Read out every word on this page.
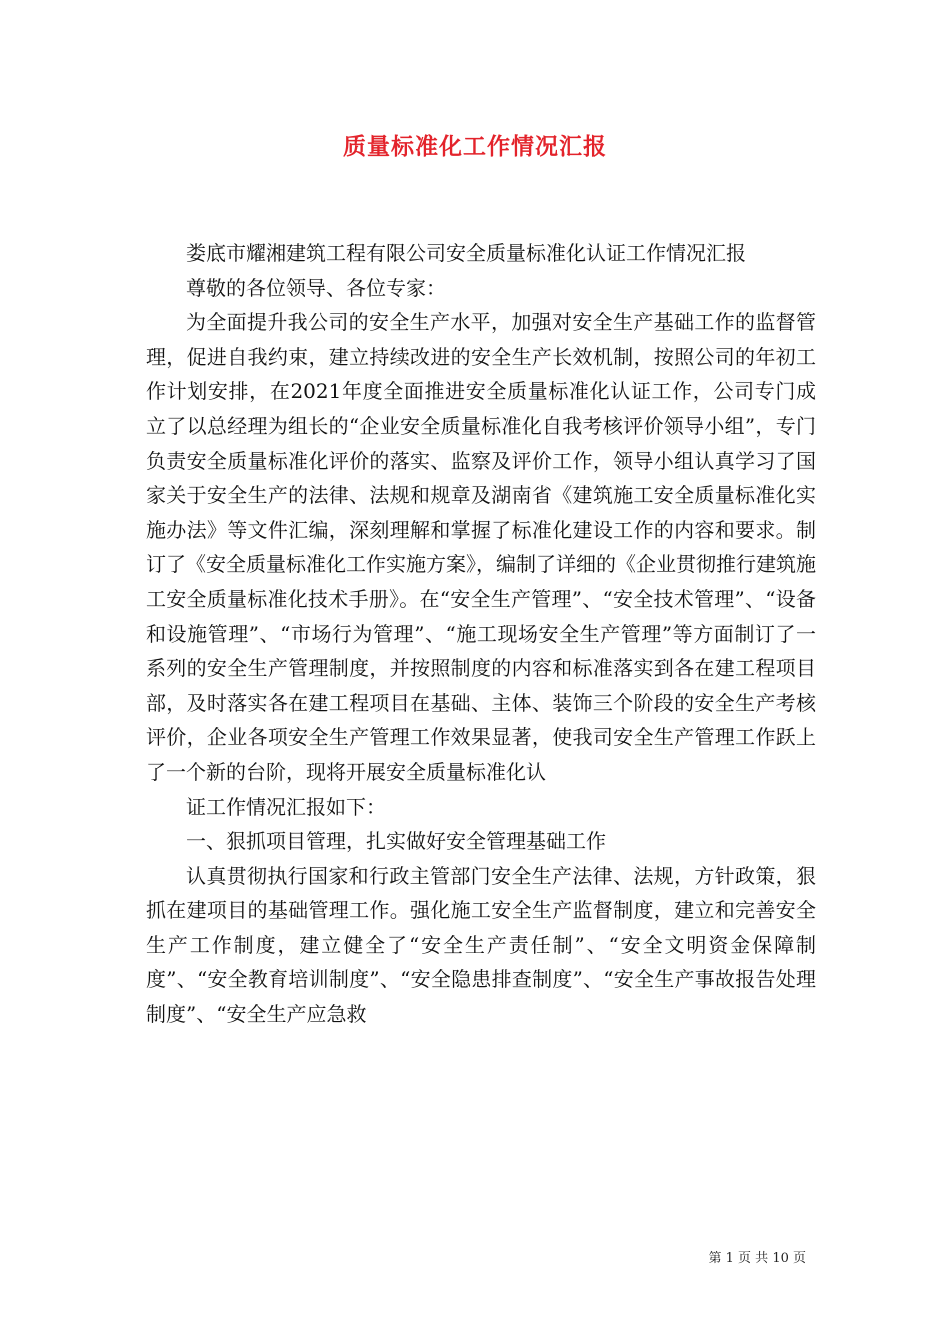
质量标准化工作情况汇报

娄底市耀湘建筑工程有限公司安全质量标准化认证工作情况汇报

尊敬的各位领导、各位专家：

为全面提升我公司的安全生产水平，加强对安全生产基础工作的监督管理，促进自我约束，建立持续改进的安全生产长效机制，按照公司的年初工作计划安排，在2021年度全面推进安全质量标准化认证工作，公司专门成立了以总经理为组长的“企业安全质量标准化自我考核评价领导小组”，专门负责安全质量标准化评价的落实、监察及评价工作，领导小组认真学习了国家关于安全生产的法律、法规和规章及湖南省《建筑施工安全质量标准化实施办法》等文件汇编，深刻理解和掌握了标准化建设工作的内容和要求。制订了《安全质量标准化工作实施方案》，编制了详细的《企业贯彻推行建筑施工安全质量标准化技术手册》。在“安全生产管理”、“安全技术管理”、“设备和设施管理”、“市场行为管理”、“施工现场安全生产管理”等方面制订了一系列的安全生产管理制度，并按照制度的内容和标准落实到各在建工程项目部，及时落实各在建工程项目在基础、主体、装饰三个阶段的安全生产考核评价，企业各项安全生产管理工作效果显著，使我司安全生产管理工作跃上了一个新的台阶，现将开展安全质量标准化认

证工作情况汇报如下：

一、狠抓项目管理，扎实做好安全管理基础工作

认真贯彻执行国家和行政主管部门安全生产法律、法规，方针政策，狠抓在建项目的基础管理工作。强化施工安全生产监督制度，建立和完善安全生产工作制度，建立健全了“安全生产责任制”、“安全文明资金保障制度”、“安全教育培训制度”、“安全隐患排查制度”、“安全生产事故报告处理制度”、“安全生产应急救

第 1 页 共 10 页
